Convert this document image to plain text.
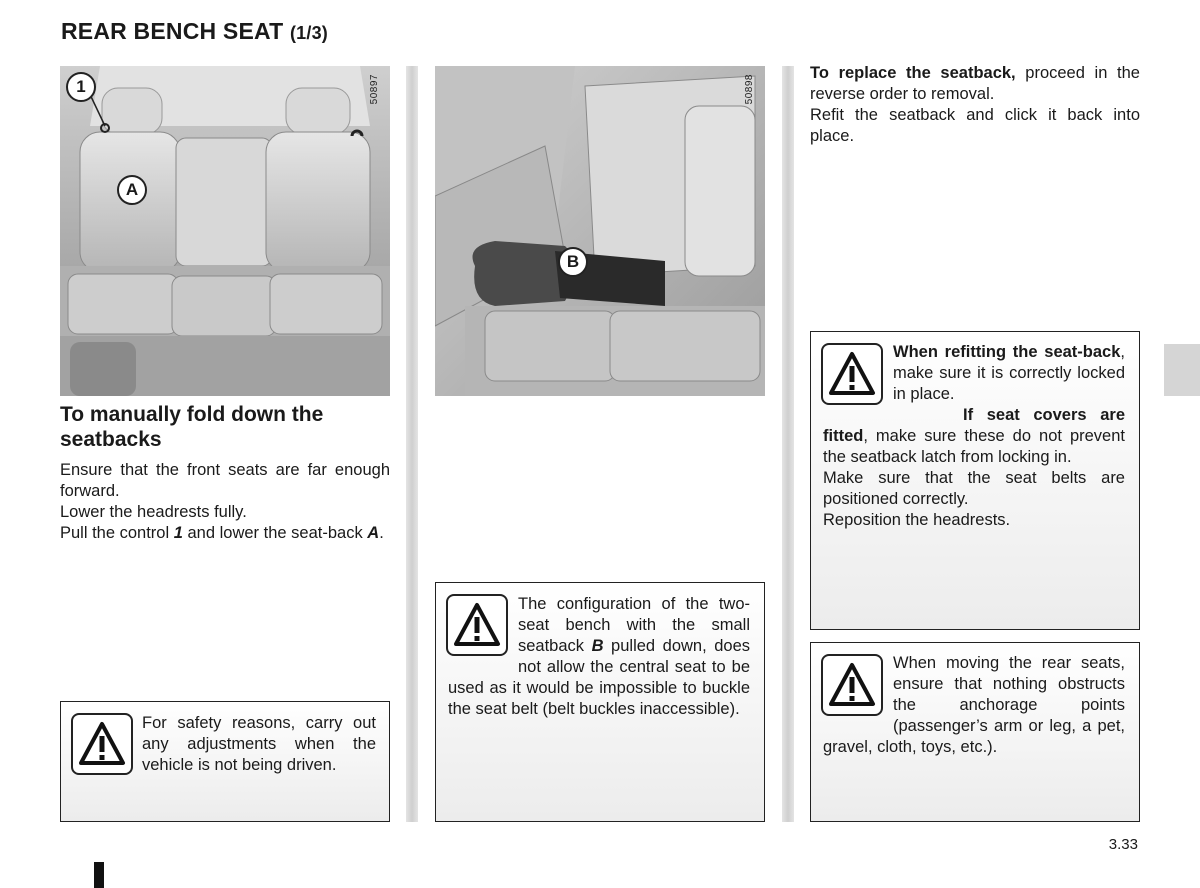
REAR BENCH SEAT (1/3)
1
A
50897
B
50898
To manually fold down the seatbacks
Ensure that the front seats are far enough forward.
Lower the headrests fully.
Pull the control 1 and lower the seat-back A.
For safety reasons, carry out any adjustments when the vehicle is not being driven.
The configuration of the two-seat bench with the small seatback B pulled down, does not allow the central seat to be used as it would be impossible to buckle the seat belt (belt buckles inaccessible).
To replace the seatback, proceed in the reverse order to removal.
Refit the seatback and click it back into place.
When refitting the seat-back, make sure it is correctly locked in place.
If seat covers are fitted, make sure these do not prevent the seatback latch from locking in.
Make sure that the seat belts are positioned correctly.
Reposition the headrests.
When moving the rear seats, ensure that nothing obstructs the anchorage points (passenger’s arm or leg, a pet, gravel, cloth, toys, etc.).
3.33
